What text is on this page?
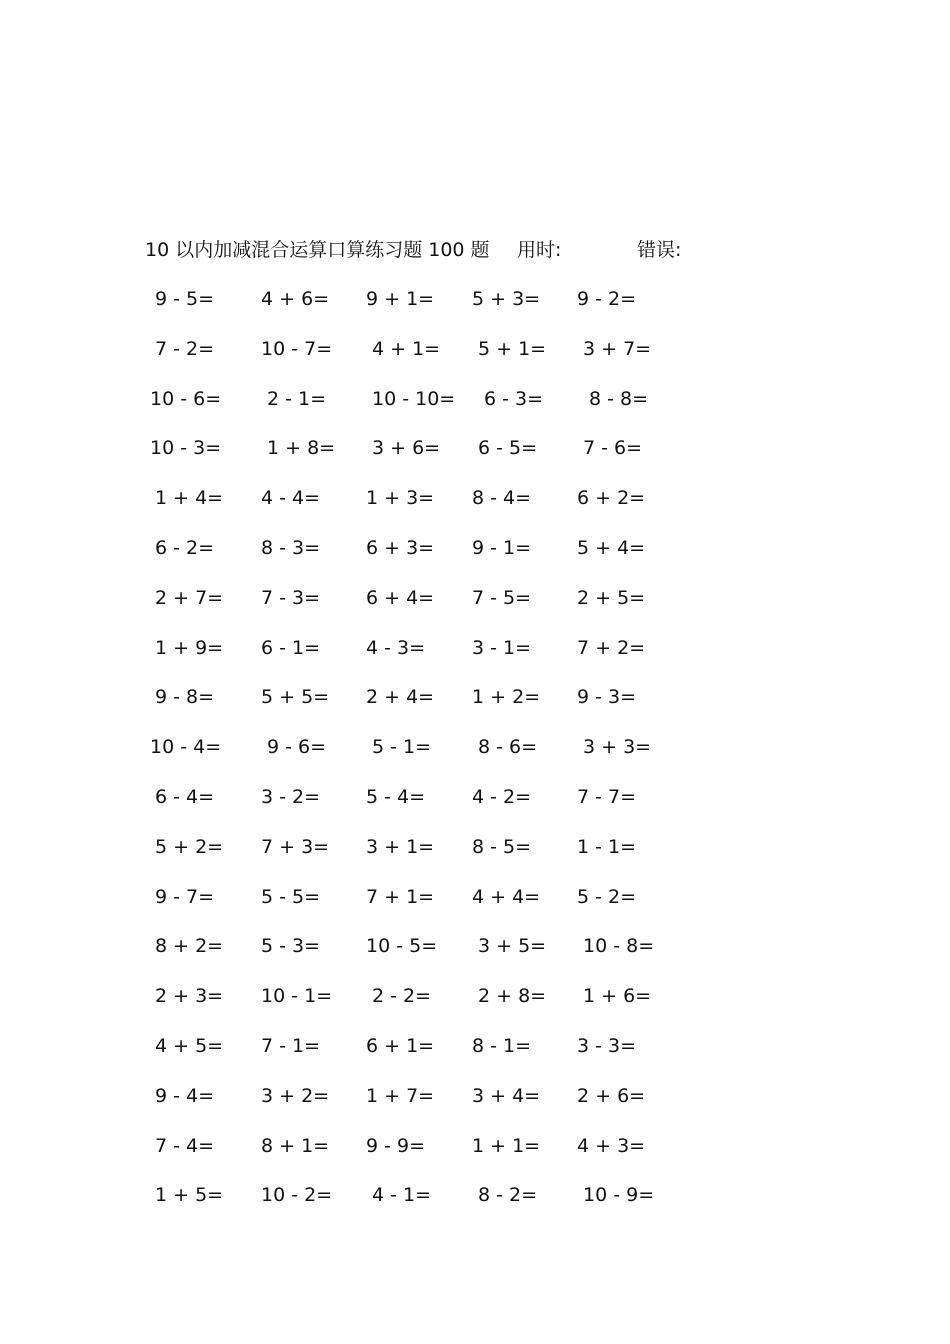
10 以内加减混合运算口算练习题 100 题 用时:	错误:
9 - 5= 4 + 6= 9 + 1= 5 + 3= 9 - 2=
7 - 2= 10 - 7= 4 + 1= 5 + 1= 3 + 7=
10 - 6= 2 - 1= 10 - 10= 6 - 3= 8 - 8=
10 - 3= 1 + 8= 3 + 6= 6 - 5= 7 - 6=
1 + 4= 4 - 4= 1 + 3= 8 - 4= 6 + 2=
6 - 2= 8 - 3= 6 + 3= 9 - 1= 5 + 4=
2 + 7= 7 - 3= 6 + 4= 7 - 5= 2 + 5=
1 + 9= 6 - 1= 4 - 3= 3 - 1= 7 + 2=
9 - 8= 5 + 5= 2 + 4= 1 + 2= 9 - 3=
10 - 4= 9 - 6= 5 - 1= 8 - 6= 3 + 3=
6 - 4= 3 - 2= 5 - 4= 4 - 2= 7 - 7=
5 + 2= 7 + 3= 3 + 1= 8 - 5= 1 - 1=
9 - 7= 5 - 5= 7 + 1= 4 + 4= 5 - 2=
8 + 2= 5 - 3= 10 - 5= 3 + 5= 10 - 8=
2 + 3= 10 - 1= 2 - 2= 2 + 8= 1 + 6=
4 + 5= 7 - 1= 6 + 1= 8 - 1= 3 - 3=
9 - 4= 3 + 2= 1 + 7= 3 + 4= 2 + 6=
7 - 4= 8 + 1= 9 - 9= 1 + 1= 4 + 3=
1 + 5= 10 - 2= 4 - 1= 8 - 2= 10 - 9=
